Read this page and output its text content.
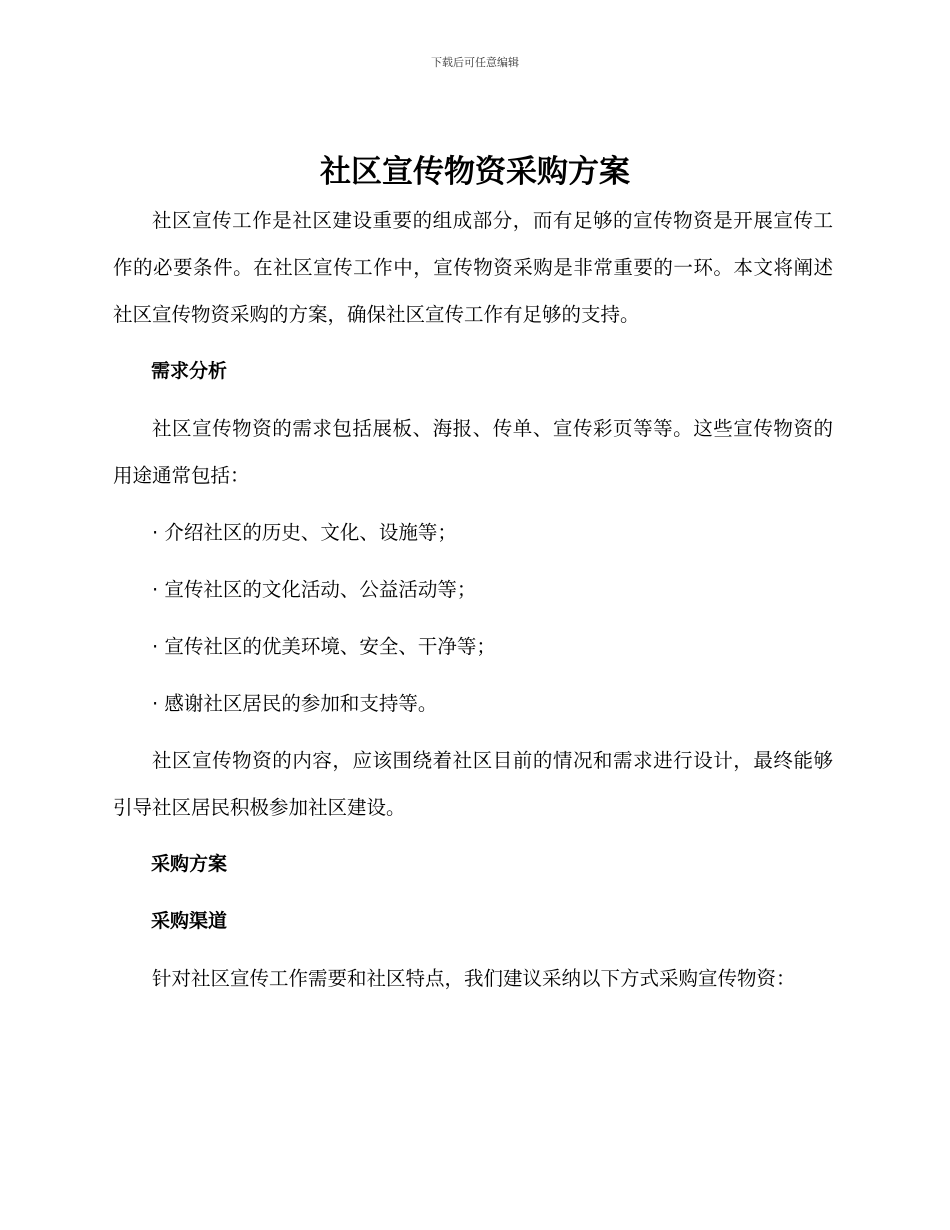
下载后可任意编辑
社区宣传物资采购方案

社区宣传工作是社区建设重要的组成部分，而有足够的宣传物资是开展宣传工作的必要条件。在社区宣传工作中，宣传物资采购是非常重要的一环。本文将阐述社区宣传物资采购的方案，确保社区宣传工作有足够的支持。

需求分析

社区宣传物资的需求包括展板、海报、传单、宣传彩页等等。这些宣传物资的用途通常包括：

· 介绍社区的历史、文化、设施等；
· 宣传社区的文化活动、公益活动等；
· 宣传社区的优美环境、安全、干净等；
· 感谢社区居民的参加和支持等。

社区宣传物资的内容，应该围绕着社区目前的情况和需求进行设计，最终能够引导社区居民积极参加社区建设。

采购方案
采购渠道

针对社区宣传工作需要和社区特点，我们建议采纳以下方式采购宣传物资：
